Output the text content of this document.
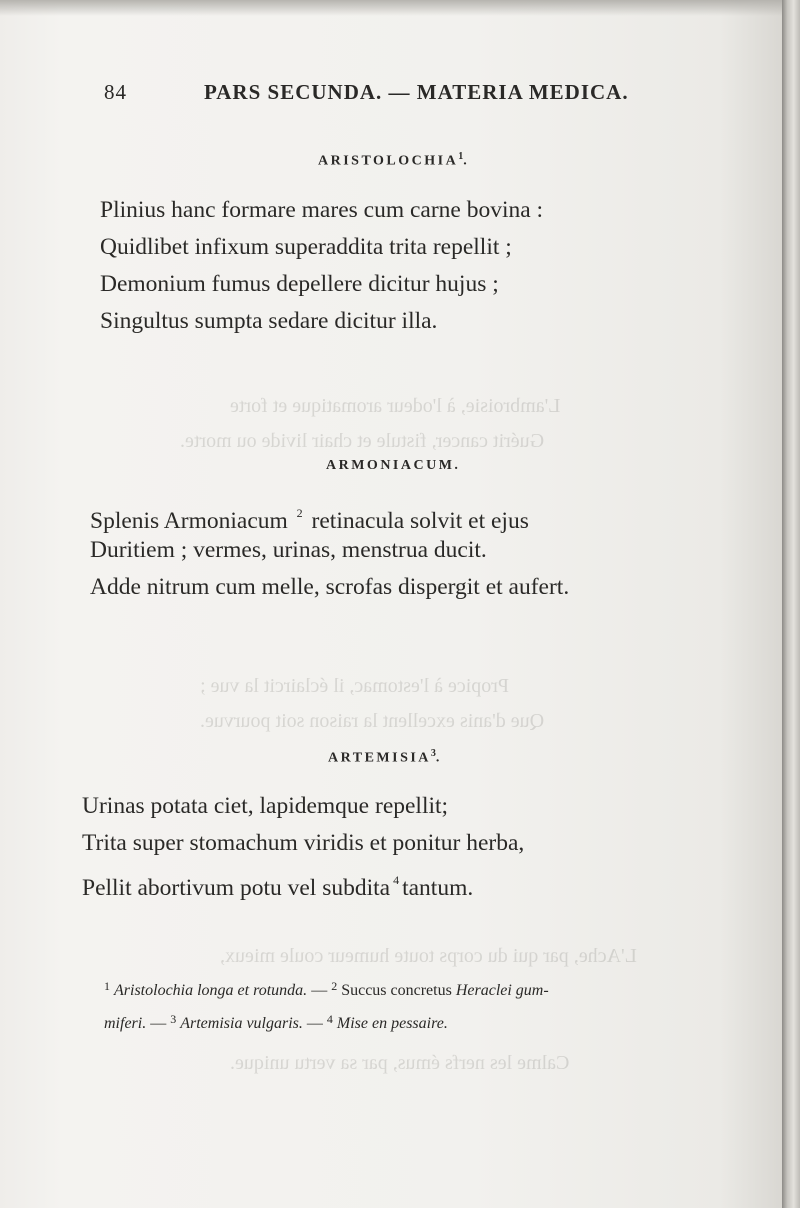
L'ambroisie, à l'odeur aromatique et forte
Guérit cancer, fistule et chair livide ou morte.
Propice à l'estomac, il éclaircit la vue ;
Que d'anis excellent la raison soit pourvue.
L'Ache, par qui du corps toute humeur coule mieux,
Calme les nerfs émus, par sa vertu unique.
84	PARS SECUNDA. — MATERIA MEDICA.
ARISTOLOCHIA$^1$.
Plinius hanc formare mares cum carne bovina :
Quidlibet infixum superaddita trita repellit ;
Demonium fumus depellere dicitur hujus ;
Singultus sumpta sedare dicitur illa.
ARMONIACUM.
Splenis Armoniacum $^2$ retinacula solvit et ejus
Duritiem ; vermes, urinas, menstrua ducit.
Adde nitrum cum melle, scrofas dispergit et aufert.
ARTEMISIA$^3$.
Urinas potata ciet, lapidemque repellit;
Trita super stomachum viridis et ponitur herba,
Pellit abortivum potu vel subdita $^4$ tantum.
$^1$ Aristolochia longa et rotunda. — $^2$ Succus concretus Heraclei gum-
miferi. — $^3$ Artemisia vulgaris. — $^4$ Mise en pessaire.
